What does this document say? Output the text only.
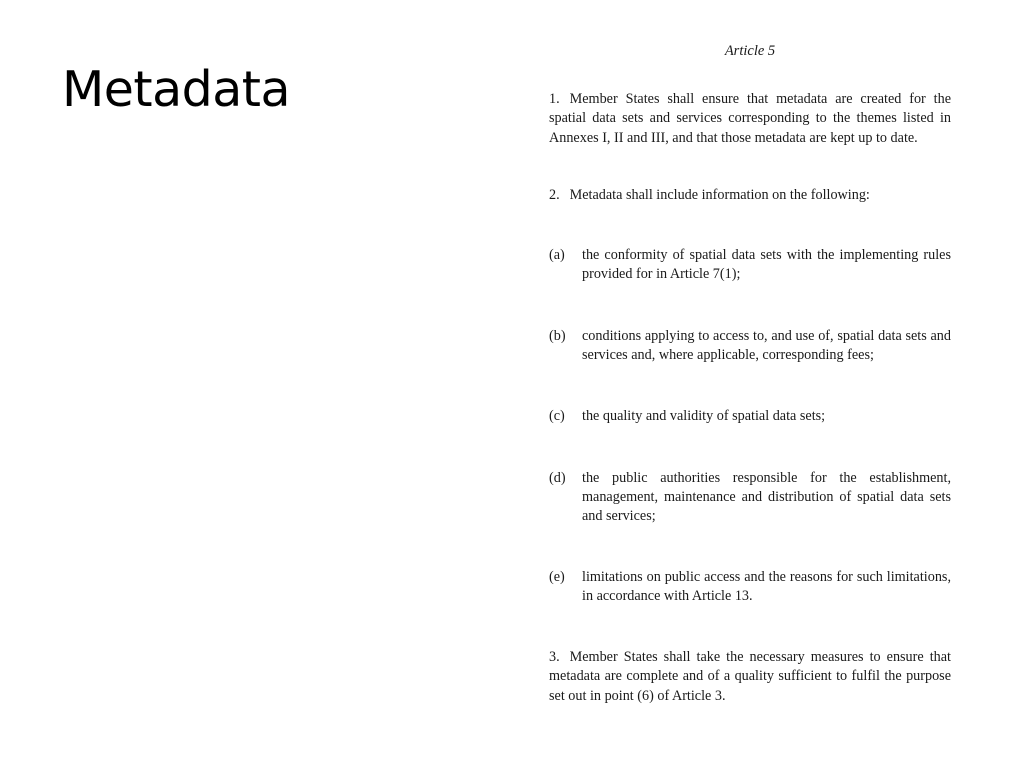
Metadata
Article 5

1. Member States shall ensure that metadata are created for the spatial data sets and services corresponding to the themes listed in Annexes I, II and III, and that those metadata are kept up to date.

2. Metadata shall include information on the following:

(a)	the conformity of spatial data sets with the implementing rules provided for in Article 7(1);
(b)	conditions applying to access to, and use of, spatial data sets and services and, where applicable, corresponding fees;
(c)	the quality and validity of spatial data sets;
(d)	the public authorities responsible for the establishment, management, maintenance and distribution of spatial data sets and services;
(e)	limitations on public access and the reasons for such limitations, in accordance with Article 13.

3. Member States shall take the necessary measures to ensure that metadata are complete and of a quality sufficient to fulfil the purpose set out in point (6) of Article 3.
